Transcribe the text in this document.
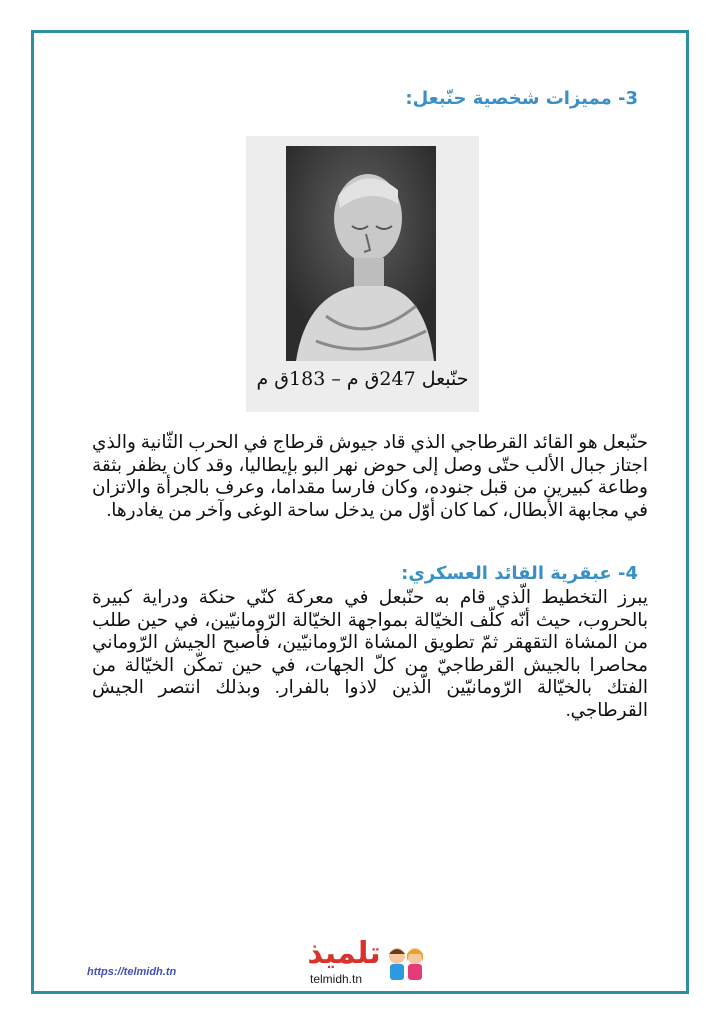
3- مميزات شخصية حنّبعل:
حنّبعل 247ق م – 183ق م
حنّبعل هو القائد القرطاجي الذي قاد جيوش قرطاج في الحرب الثّانية والذي اجتاز جبال الألب حتّى وصل إلى حوض نهر البو بإيطاليا، وقد كان يظفر بثقة وطاعة كبيرين من قبل جنوده، وكان فارسا مقداما، وعرف بالجرأة والاتزان في مجابهة الأبطال، كما كان أوّل من يدخل ساحة الوغى وآخر من يغادرها.
4- عبقرية القائد العسكري:
يبرز التخطيط الّذي قام به حنّبعل في معركة كنّي حنكة ودراية كبيرة بالحروب، حيث أنّه كلّف الخيّالة بمواجهة الخيّالة الرّومانيّين، في حين طلب من المشاة التقهقر ثمّ تطويق المشاة الرّومانيّين، فأصبح الجيش الرّوماني محاصرا بالجيش القرطاجيّ من كلّ الجهات، في حين تمكّن الخيّالة من الفتك بالخيّالة الرّومانيّين الّذين لاذوا بالفرار. وبذلك انتصر الجيش القرطاجي.
https://telmidh.tn
تلميذ
telmidh.tn
